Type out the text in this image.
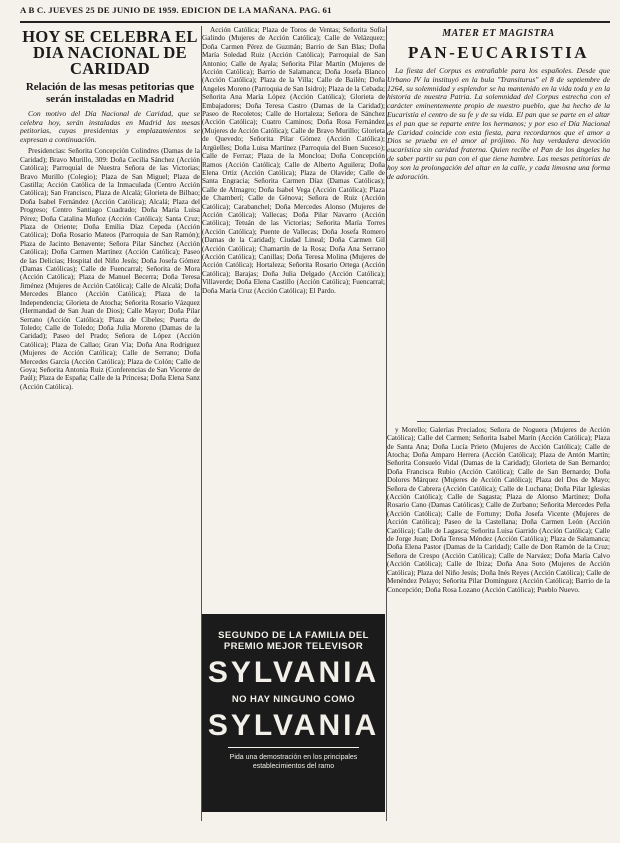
A B C. JUEVES 25 DE JUNIO DE 1959. EDICION DE LA MAÑANA. PAG. 61
HOY SE CELEBRA EL DIA NACIONAL DE CARIDAD
Relación de las mesas petitorias que serán instaladas en Madrid
Con motivo del Día Nacional de Caridad, que se celebra hoy, serán instaladas en Madrid las mesas petitorias, cuyas presidentas y emplazamientos se expresan a continuación.
Presidencias: Señorita Concepción Colindres (Damas de la Caridad); Bravo Murillo, 309: Doña Cecilia Sánchez (Acción Católica); Parroquial de Nuestra Señora de las Victorias; Bravo Murillo (Colegio); Plaza de San Miguel; Plaza de Castilla; Acción Católica de la Inmaculada (Centro Acción Católica); San Francisco, Plaza de Alcalá; Glorieta de Bilbao; Doña Isabel Fernández (Acción Católica); Alcalá; Plaza del Progreso; Centro Santiago Cuadrado; Doña María Luisa Pérez; Doña Catalina Muñoz (Acción Católica); Santa Cruz; Plaza de Oriente; Doña Emilia Díaz Cepeda (Acción Católica); Doña Rosario Mateos (Parroquia de San Ramón); Plaza de Jacinto Benavente; Señora Pilar Sánchez (Acción Católica); Doña Carmen Martínez (Acción Católica); Paseo de las Delicias; Hospital del Niño Jesús; Doña Josefa Gómez (Damas Católicas); Calle de Fuencarral; Señorita de Mora (Acción Católica); Plaza de Manuel Becerra; Doña Teresa Jiménez (Mujeres de Acción Católica); Calle de Alcalá; Doña Mercedes Blanco (Acción Católica); Plaza de la Independencia; Glorieta de Atocha; Señorita Rosario Vázquez (Hermandad de San Juan de Dios); Calle Mayor; Doña Pilar Serrano (Acción Católica); Plaza de Cibeles; Puerta de Toledo; Calle de Toledo; Doña Julia Moreno (Damas de la Caridad); Paseo del Prado; Señora de López (Acción Católica); Plaza de Callao; Gran Vía; Doña Ana Rodríguez (Mujeres de Acción Católica); Calle de Serrano; Doña Mercedes García (Acción Católica); Plaza de Colón; Calle de Goya; Señorita Antonia Ruiz (Conferencias de San Vicente de Paúl); Plaza de España; Calle de la Princesa; Doña Elena Sanz (Acción Católica).
Acción Católica; Plaza de Toros de Ventas; Señorita Sofía Galindo (Mujeres de Acción Católica); Calle de Velázquez; Doña Carmen Pérez de Guzmán; Barrio de San Blas; Doña María Soledad Ruiz (Acción Católica); Parroquial de San Antonio; Calle de Ayala; Señorita Pilar Martín (Mujeres de Acción Católica); Barrio de Salamanca; Doña Josefa Blanco (Acción Católica); Plaza de la Villa; Calle de Bailén; Doña Angeles Moreno (Parroquia de San Isidro); Plaza de la Cebada; Señorita Ana María López (Acción Católica); Glorieta de Embajadores; Doña Teresa Castro (Damas de la Caridad); Paseo de Recoletos; Calle de Hortaleza; Señora de Sánchez (Acción Católica); Cuatro Caminos; Doña Rosa Fernández (Mujeres de Acción Católica); Calle de Bravo Murillo; Glorieta de Quevedo; Señorita Pilar Gómez (Acción Católica); Argüelles; Doña Luisa Martínez (Parroquia del Buen Suceso); Calle de Ferraz; Plaza de la Moncloa; Doña Concepción Ramos (Acción Católica); Calle de Alberto Aguilera; Doña Elena Ortiz (Acción Católica); Plaza de Olavide; Calle de Santa Engracia; Señorita Carmen Díaz (Damas Católicas); Calle de Almagro; Doña Isabel Vega (Acción Católica); Plaza de Chamberí; Calle de Génova; Señora de Ruiz (Acción Católica); Carabanchel; Doña Mercedes Alonso (Mujeres de Acción Católica); Vallecas; Doña Pilar Navarro (Acción Católica); Tetuán de las Victorias; Señorita María Torres (Acción Católica); Puente de Vallecas; Doña Josefa Romero (Damas de la Caridad); Ciudad Lineal; Doña Carmen Gil (Acción Católica); Chamartín de la Rosa; Doña Ana Serrano (Acción Católica); Canillas; Doña Teresa Molina (Mujeres de Acción Católica); Hortaleza; Señorita Rosario Ortega (Acción Católica); Barajas; Doña Julia Delgado (Acción Católica); Villaverde; Doña Elena Castillo (Acción Católica); Fuencarral; Doña María Cruz (Acción Católica); El Pardo.
SEGUNDO DE LA FAMILIA DEL PREMIO MEJOR TELEVISOR
SYLVANIA
NO HAY NINGUNO COMO
SYLVANIA
Pida una demostración en los principales establecimientos del ramo
MATER ET MAGISTRA
PAN-EUCARISTIA
La fiesta del Corpus es entrañable para los españoles. Desde que Urbano IV la instituyó en la bula "Transiturus" el 8 de septiembre de 1264, su solemnidad y esplendor se ha mantenido en la vida toda y en la historia de nuestra Patria. La solemnidad del Corpus estrecha con el carácter eminentemente propio de nuestro pueblo, que ha hecho de la Eucaristía el centro de su fe y de su vida. El pan que se parte en el altar es el pan que se reparte entre los hermanos; y por eso el Día Nacional de Caridad coincide con esta fiesta, para recordarnos que el amor a Dios se prueba en el amor al prójimo. No hay verdadera devoción eucarística sin caridad fraterna. Quien recibe el Pan de los ángeles ha de saber partir su pan con el que tiene hambre. Las mesas petitorias de hoy son la prolongación del altar en la calle, y cada limosna una forma de adoración.
y Morello; Galerías Preciados; Señora de Noguera (Mujeres de Acción Católica); Calle del Carmen; Señorita Isabel Marín (Acción Católica); Plaza de Santa Ana; Doña Lucía Prieto (Mujeres de Acción Católica); Calle de Atocha; Doña Amparo Herrera (Acción Católica); Plaza de Antón Martín; Señorita Consuelo Vidal (Damas de la Caridad); Glorieta de San Bernardo; Doña Francisca Rubio (Acción Católica); Calle de San Bernardo; Doña Dolores Márquez (Mujeres de Acción Católica); Plaza del Dos de Mayo; Señora de Cabrera (Acción Católica); Calle de Luchana; Doña Pilar Iglesias (Acción Católica); Calle de Sagasta; Plaza de Alonso Martínez; Doña Rosario Cano (Damas Católicas); Calle de Zurbano; Señorita Mercedes Peña (Acción Católica); Calle de Fortuny; Doña Josefa Vicente (Mujeres de Acción Católica); Paseo de la Castellana; Doña Carmen León (Acción Católica); Calle de Lagasca; Señorita Luisa Garrido (Acción Católica); Calle de Jorge Juan; Doña Teresa Méndez (Acción Católica); Plaza de Salamanca; Doña Elena Pastor (Damas de la Caridad); Calle de Don Ramón de la Cruz; Señora de Crespo (Acción Católica); Calle de Narváez; Doña María Calvo (Acción Católica); Calle de Ibiza; Doña Ana Soto (Mujeres de Acción Católica); Plaza del Niño Jesús; Doña Inés Reyes (Acción Católica); Calle de Menéndez Pelayo; Señorita Pilar Domínguez (Acción Católica); Barrio de la Concepción; Doña Rosa Lozano (Acción Católica); Pueblo Nuevo.
